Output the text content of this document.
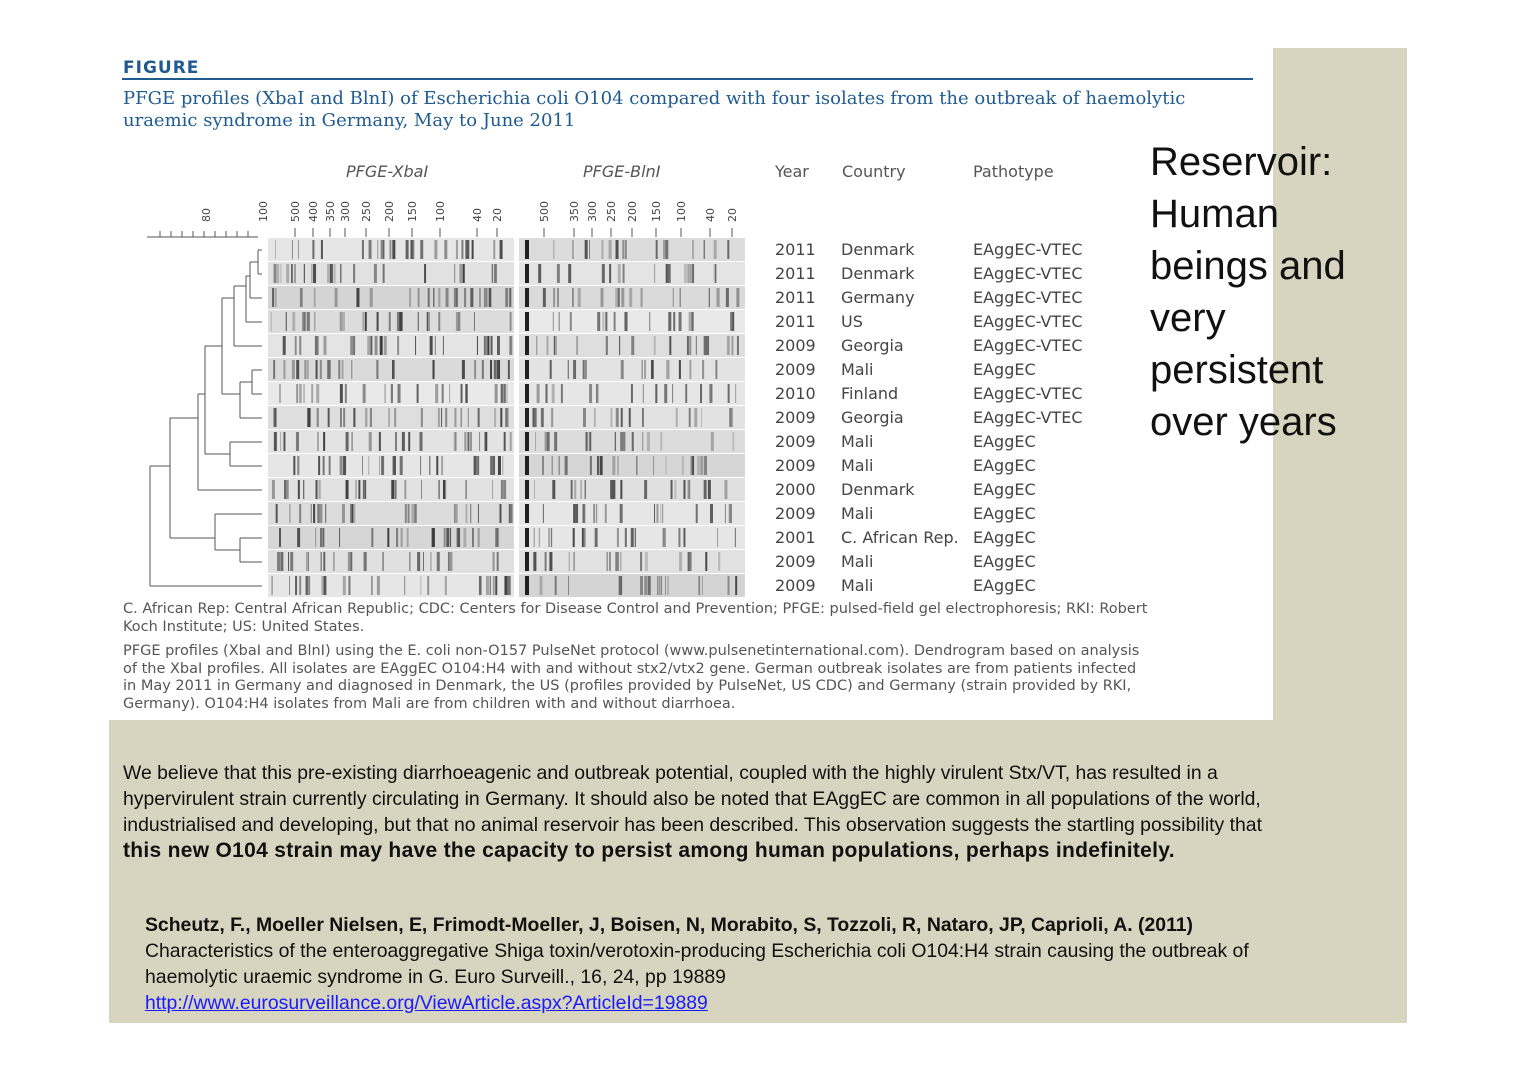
FIGURE
PFGE profiles (XbaI and BlnI) of Escherichia coli O104 compared with four isolates from the outbreak of haemolytic
uraemic syndrome in Germany, May to June 2011
PFGE-XbaI	PFGE-BlnI	Year Country	Pathotype
80	100 500 400 350 300 250 200 150 100 40 20	500 350 300 250 200 150 100 40 20
2011 Denmark	EAggEC-VTEC
2011 Denmark	EAggEC-VTEC
2011 Germany	EAggEC-VTEC
2011 US	EAggEC-VTEC
2009 Georgia	EAggEC-VTEC
2009 Mali	EAggEC
2010 Finland	EAggEC-VTEC
2009 Georgia	EAggEC-VTEC
2009 Mali	EAggEC
2009 Mali	EAggEC
2000 Denmark	EAggEC
2009 Mali	EAggEC
2001 C. African Rep. EAggEC
2009 Mali	EAggEC
2009 Mali	EAggEC
C. African Rep: Central African Republic; CDC: Centers for Disease Control and Prevention; PFGE: pulsed-field gel electrophoresis; RKI: Robert
Koch Institute; US: United States.
PFGE profiles (XbaI and BlnI) using the E. coli non-O157 PulseNet protocol (www.pulsenetinternational.com). Dendrogram based on analysis
of the XbaI profiles. All isolates are EAggEC O104:H4 with and without stx2/vtx2 gene. German outbreak isolates are from patients infected
in May 2011 in Germany and diagnosed in Denmark, the US (profiles provided by PulseNet, US CDC) and Germany (strain provided by RKI,
Germany). O104:H4 isolates from Mali are from children with and without diarrhoea.
Reservoir:
Human
beings and
very
persistent
over years
We believe that this pre-existing diarrhoeagenic and outbreak potential, coupled with the highly virulent Stx/VT, has resulted in a
hypervirulent strain currently circulating in Germany. It should also be noted that EAggEC are common in all populations of the world,
industrialised and developing, but that no animal reservoir has been described. This observation suggests the startling possibility that
this new O104 strain may have the capacity to persist among human populations, perhaps indefinitely.
Scheutz, F., Moeller Nielsen, E, Frimodt-Moeller, J, Boisen, N, Morabito, S, Tozzoli, R, Nataro, JP, Caprioli, A. (2011)
Characteristics of the enteroaggregative Shiga toxin/verotoxin-producing Escherichia coli O104:H4 strain causing the outbreak of
haemolytic uraemic syndrome in G. Euro Surveill., 16, 24, pp 19889
http://www.eurosurveillance.org/ViewArticle.aspx?ArticleId=19889
